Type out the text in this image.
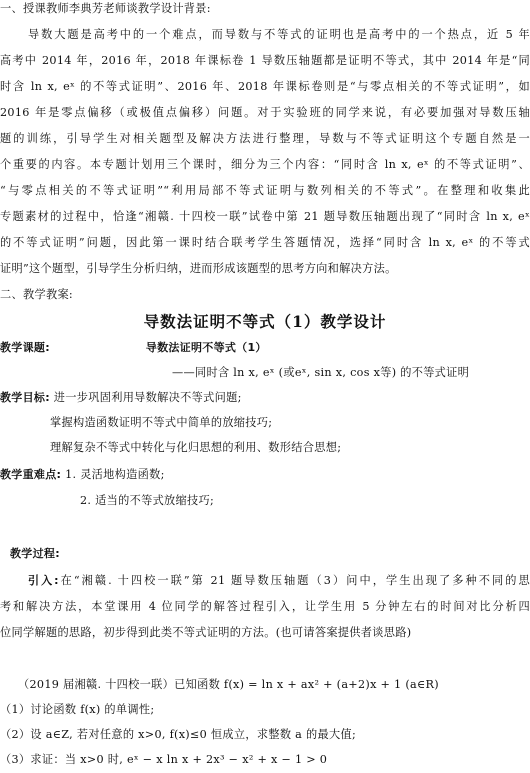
一、授课教师李典芳老师谈教学设计背景:
导数大题是高考中的一个难点，而导数与不等式的证明也是高考中的一个热点，近 5 年
高考中 2014 年，2016 年，2018 年课标卷 1 导数压轴题都是证明不等式，其中 2014 年是“同
时含 ln x, eˣ 的不等式证明”、2016 年、2018 年课标卷则是“与零点相关的不等式证明”，如
2016 年是零点偏移（或极值点偏移）问题。对于实验班的同学来说，有必要加强对导数压轴
题的训练，引导学生对相关题型及解决方法进行整理，导数与不等式证明这个专题自然是一
个重要的内容。本专题计划用三个课时，细分为三个内容：“同时含 ln x, eˣ 的不等式证明”、
“与零点相关的不等式证明”“利用局部不等式证明与数列相关的不等式”。在整理和收集此
专题素材的过程中，恰逢“湘赣. 十四校一联”试卷中第 21 题导数压轴题出现了“同时含 ln x, eˣ
的不等式证明”问题，因此第一课时结合联考学生答题情况，选择“同时含 ln x, eˣ 的不等式
证明”这个题型，引导学生分析归纳，进而形成该题型的思考方向和解决方法。
二、教学教案:
导数法证明不等式（1）教学设计
教学课题:	导数法证明不等式（1）
——同时含 ln x, eˣ (或eˣ, sin x, cos x等) 的不等式证明
教学目标: 进一步巩固利用导数解决不等式问题;
掌握构造函数证明不等式中简单的放缩技巧;
理解复杂不等式中转化与化归思想的利用、数形结合思想;
教学重难点: 1. 灵活地构造函数;
2. 适当的不等式放缩技巧;
教学过程:
引入:在“湘赣. 十四校一联”第 21 题导数压轴题（3）问中，学生出现了多种不同的思
考和解决方法，本堂课用 4 位同学的解答过程引入，让学生用 5 分钟左右的时间对比分析四
位同学解题的思路，初步得到此类不等式证明的方法。(也可请答案提供者谈思路)
（2019 届湘赣. 十四校一联）已知函数 f(x) = ln x + ax² + (a+2)x + 1 (a∈R)
（1）讨论函数 f(x) 的单调性;
（2）设 a∈Z, 若对任意的 x>0, f(x)≤0 恒成立，求整数 a 的最大值;
（3）求证：当 x>0 时, eˣ − x ln x + 2x³ − x² + x − 1 > 0
